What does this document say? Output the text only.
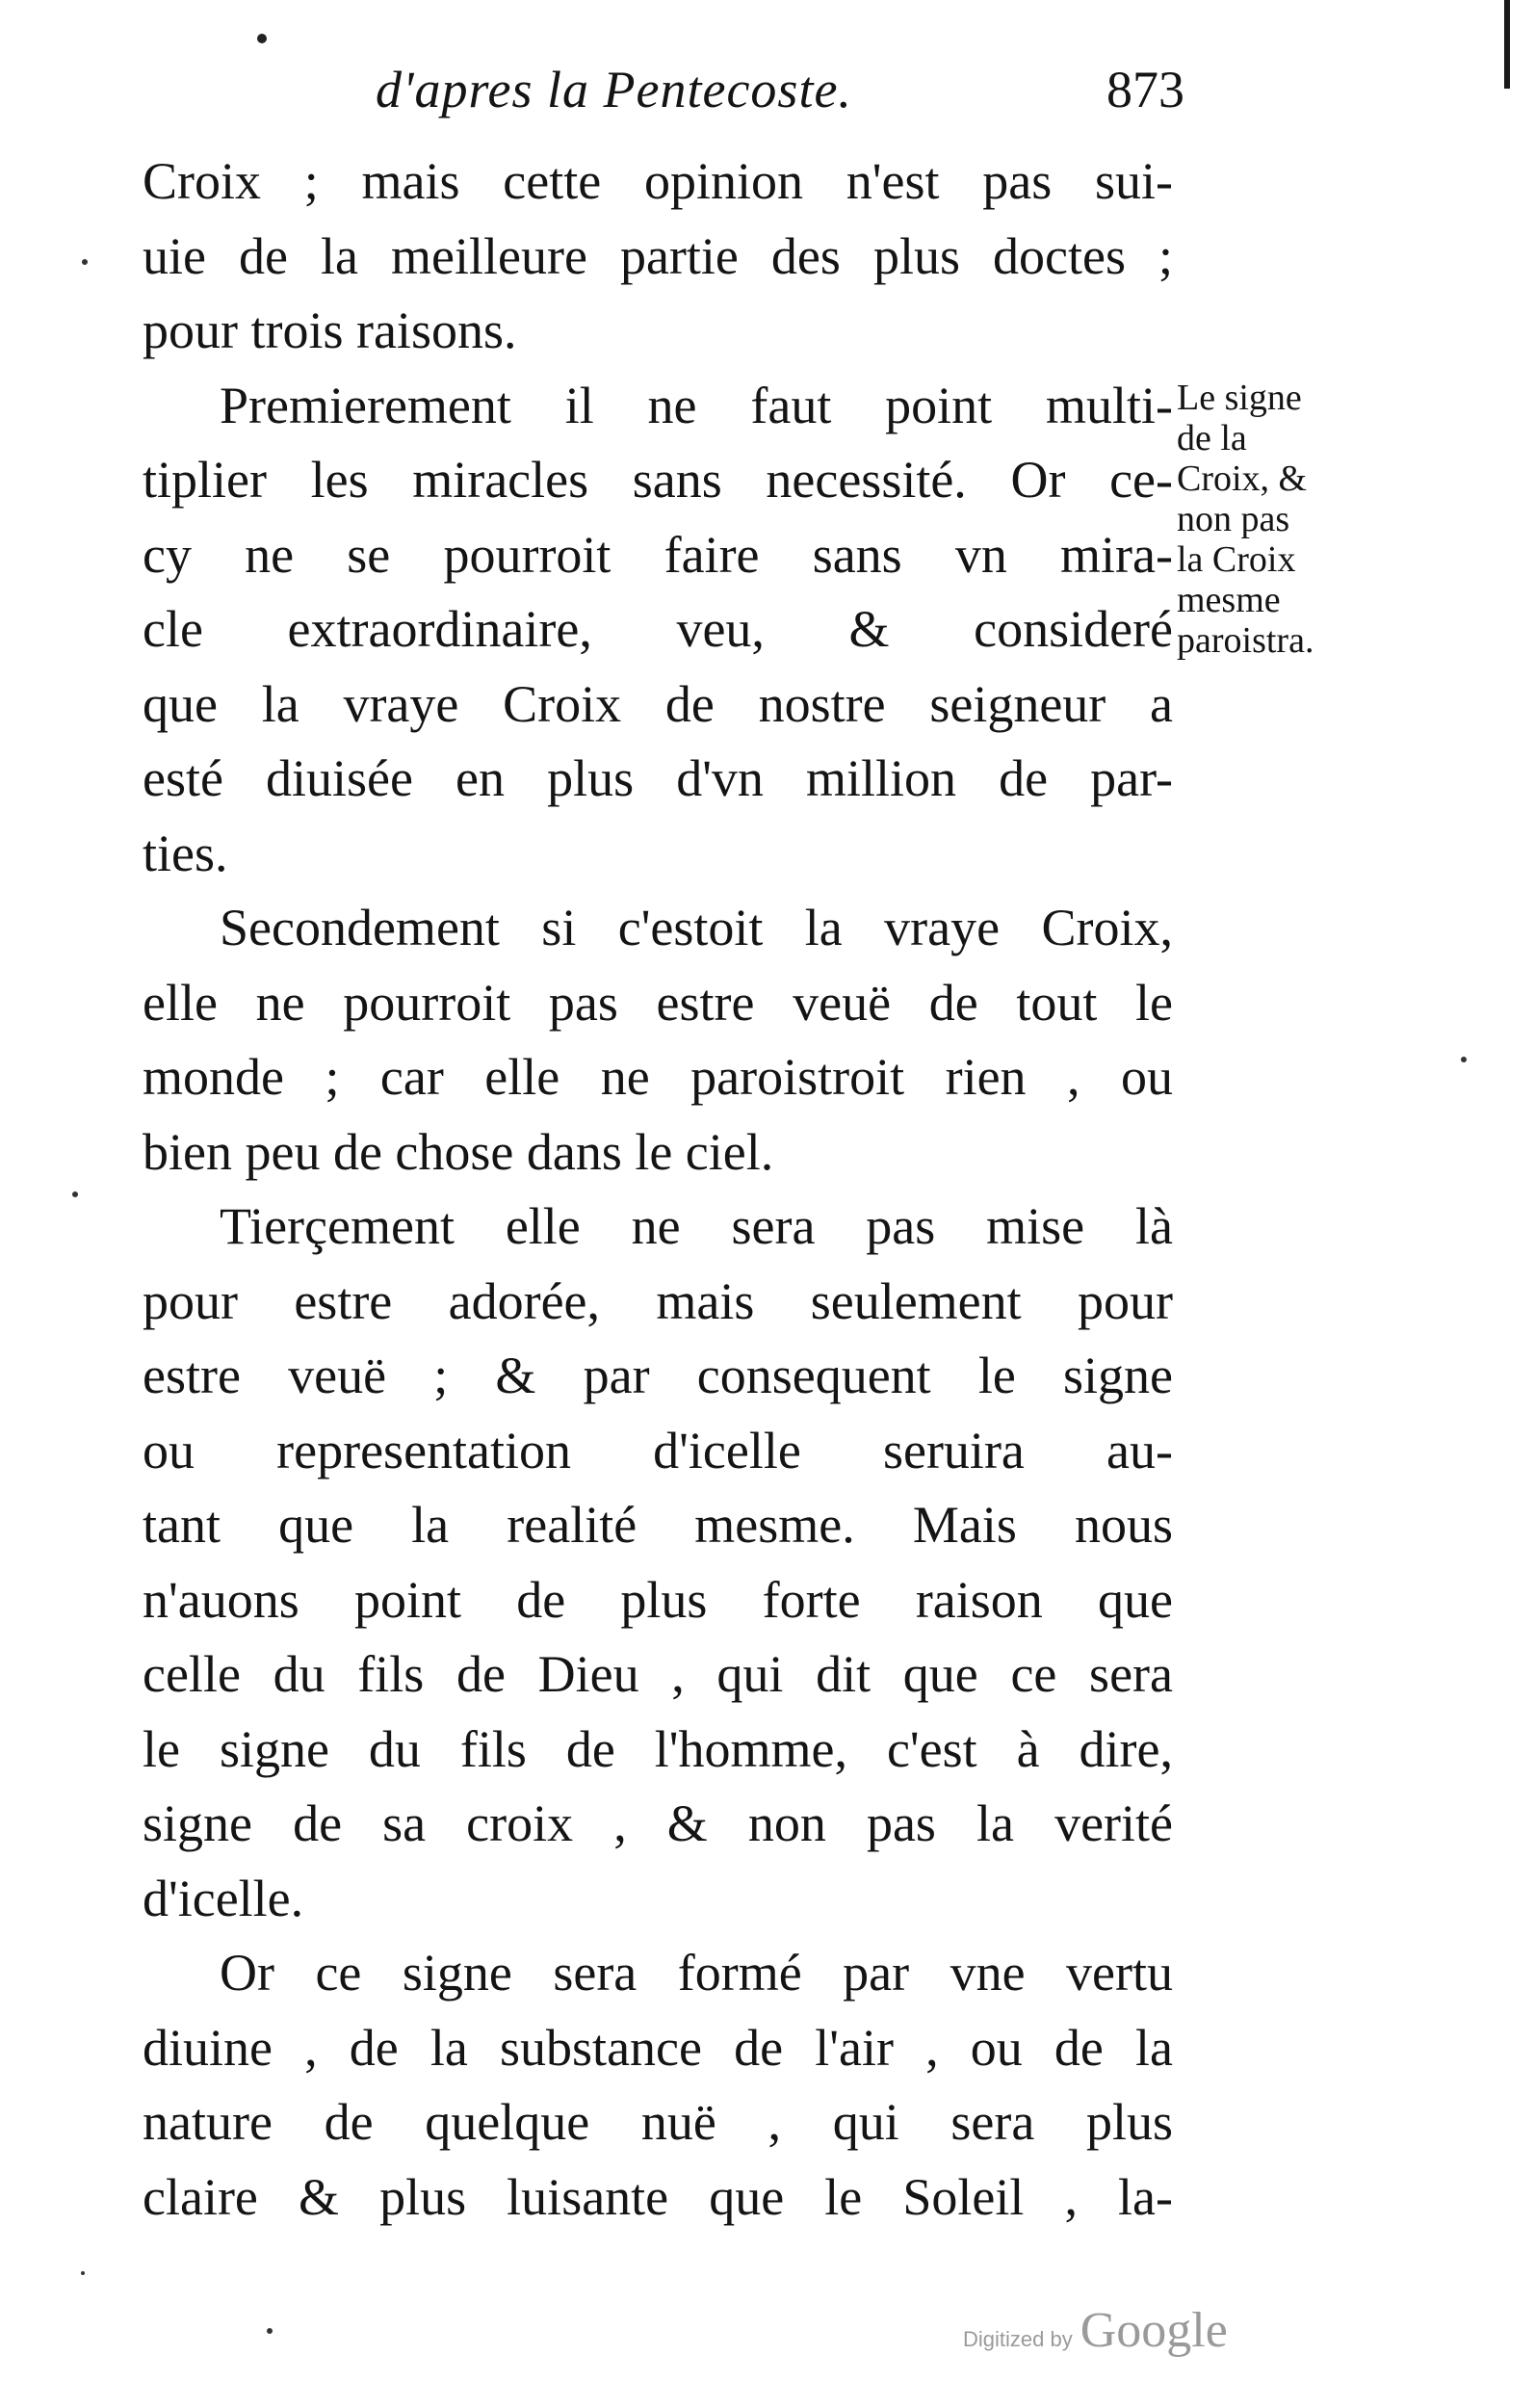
d'apres la Pentecoste.	873
Croix ; mais cette opinion n'est pas sui-
uie de la meilleure partie des plus doctes ;
pour trois raisons.
Premierement il ne faut point multi-
tiplier les miracles sans necessité. Or ce-
cy ne se pourroit faire sans vn mira-
cle extraordinaire, veu, & consideré
que la vraye Croix de nostre seigneur a
esté diuisée en plus d'vn million de par-
ties.
Secondement si c'estoit la vraye Croix,
elle ne pourroit pas estre veuë de tout le
monde ; car elle ne paroistroit rien , ou
bien peu de chose dans le ciel.
Tierçement elle ne sera pas mise là
pour estre adorée, mais seulement pour
estre veuë ; & par consequent le signe
ou representation d'icelle seruira au-
tant que la realité mesme. Mais nous
n'auons point de plus forte raison que
celle du fils de Dieu , qui dit que ce sera
le signe du fils de l'homme, c'est à dire,
signe de sa croix , & non pas la verité
d'icelle.
Or ce signe sera formé par vne vertu
diuine , de la substance de l'air , ou de la
nature de quelque nuë , qui sera plus
claire & plus luisante que le Soleil , la-
Le signe
de la
Croix, &
non pas
la Croix
mesme
paroistra.
Digitized by Google
